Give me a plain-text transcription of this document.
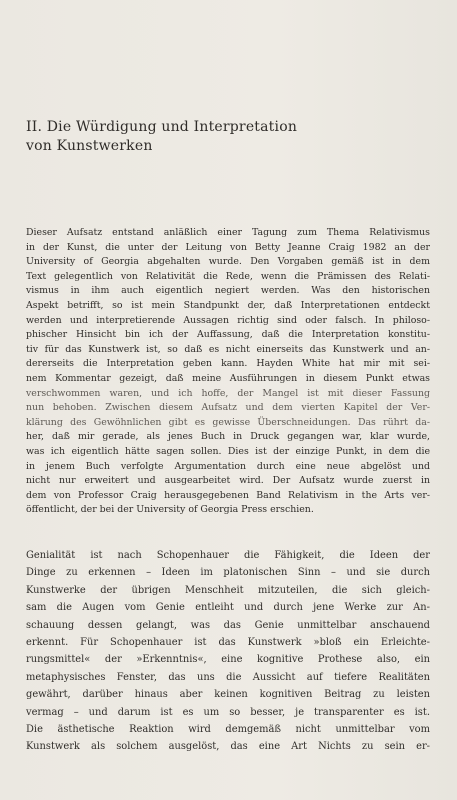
II. Die Würdigung und Interpretation
von Kunstwerken
Dieser Aufsatz entstand anläßlich einer Tagung zum Thema Relativismus
in der Kunst, die unter der Leitung von Betty Jeanne Craig 1982 an der
University of Georgia abgehalten wurde. Den Vorgaben gemäß ist in dem
Text gelegentlich von Relativität die Rede, wenn die Prämissen des Relati-
vismus in ihm auch eigentlich negiert werden. Was den historischen
Aspekt betrifft, so ist mein Standpunkt der, daß Interpretationen entdeckt
werden und interpretierende Aussagen richtig sind oder falsch. In philoso-
phischer Hinsicht bin ich der Auffassung, daß die Interpretation konstitu-
tiv für das Kunstwerk ist, so daß es nicht einerseits das Kunstwerk und an-
dererseits die Interpretation geben kann. Hayden White hat mir mit sei-
nem Kommentar gezeigt, daß meine Ausführungen in diesem Punkt etwas
verschwommen waren, und ich hoffe, der Mangel ist mit dieser Fassung
nun behoben. Zwischen diesem Aufsatz und dem vierten Kapitel der Ver-
klärung des Gewöhnlichen gibt es gewisse Überschneidungen. Das rührt da-
her, daß mir gerade, als jenes Buch in Druck gegangen war, klar wurde,
was ich eigentlich hätte sagen sollen. Dies ist der einzige Punkt, in dem die
in jenem Buch verfolgte Argumentation durch eine neue abgelöst und
nicht nur erweitert und ausgearbeitet wird. Der Aufsatz wurde zuerst in
dem von Professor Craig herausgegebenen Band Relativism in the Arts ver-
öffentlicht, der bei der University of Georgia Press erschien.
Genialität ist nach Schopenhauer die Fähigkeit, die Ideen der
Dinge zu erkennen – Ideen im platonischen Sinn – und sie durch
Kunstwerke der übrigen Menschheit mitzuteilen, die sich gleich-
sam die Augen vom Genie entleiht und durch jene Werke zur An-
schauung dessen gelangt, was das Genie unmittelbar anschauend
erkennt. Für Schopenhauer ist das Kunstwerk »bloß ein Erleichte-
rungsmittel« der »Erkenntnis«, eine kognitive Prothese also, ein
metaphysisches Fenster, das uns die Aussicht auf tiefere Realitäten
gewährt, darüber hinaus aber keinen kognitiven Beitrag zu leisten
vermag – und darum ist es um so besser, je transparenter es ist.
Die ästhetische Reaktion wird demgemäß nicht unmittelbar vom
Kunstwerk als solchem ausgelöst, das eine Art Nichts zu sein er-
